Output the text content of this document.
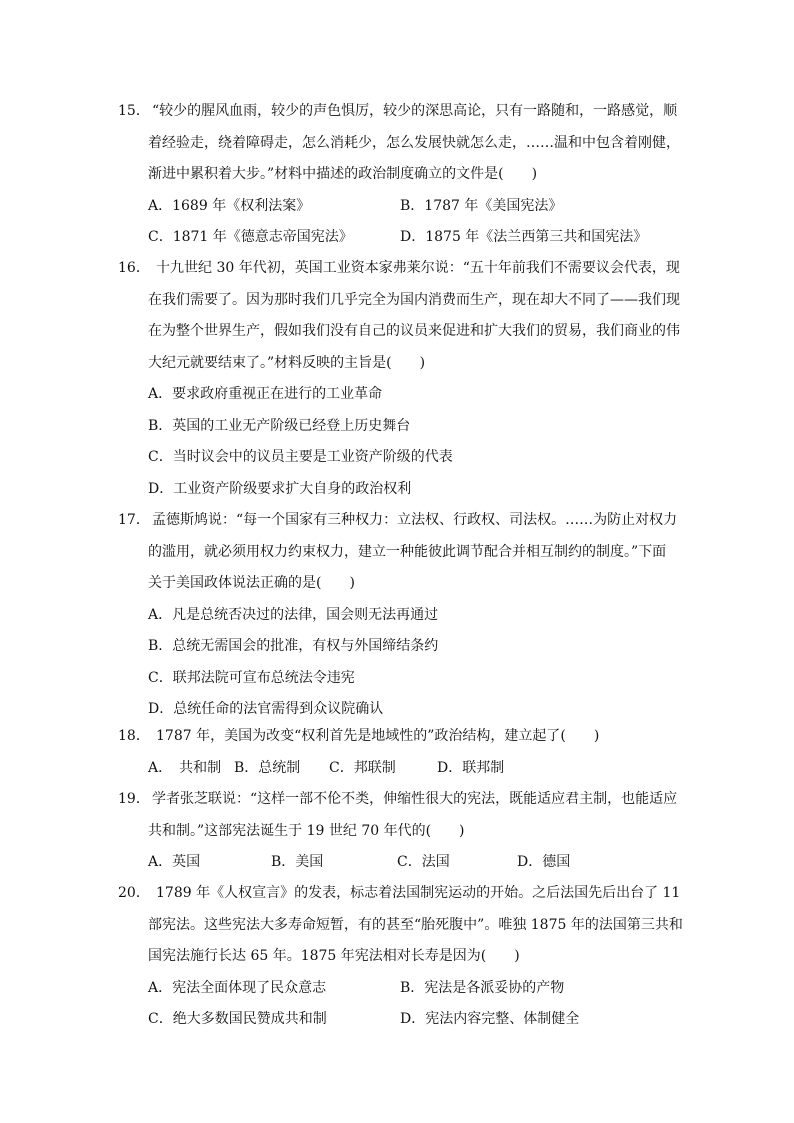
15． “较少的腥风血雨，较少的声色惧厉，较少的深思高论，只有一路随和，一路感觉，顺
着经验走，绕着障碍走，怎么消耗少，怎么发展快就怎么走，……温和中包含着刚健，
渐进中累积着大步。”材料中描述的政治制度确立的文件是(　　)
A．1689 年《权利法案》	B．1787 年《美国宪法》
C．1871 年《德意志帝国宪法》	D．1875 年《法兰西第三共和国宪法》
16． 十九世纪 30 年代初，英国工业资本家弗莱尔说：“五十年前我们不需要议会代表，现
在我们需要了。因为那时我们几乎完全为国内消费而生产，现在却大不同了——我们现
在为整个世界生产，假如我们没有自己的议员来促进和扩大我们的贸易，我们商业的伟
大纪元就要结束了。”材料反映的主旨是(　　)
A．要求政府重视正在进行的工业革命
B．英国的工业无产阶级已经登上历史舞台
C．当时议会中的议员主要是工业资产阶级的代表
D．工业资产阶级要求扩大自身的政治权利
17． 孟德斯鸠说：“每一个国家有三种权力：立法权、行政权、司法权。……为防止对权力
的滥用，就必须用权力约束权力，建立一种能彼此调节配合并相互制约的制度。”下面
关于美国政体说法正确的是(　　)
A．凡是总统否决过的法律，国会则无法再通过
B．总统无需国会的批准，有权与外国缔结条约
C．联邦法院可宣布总统法令违宪
D．总统任命的法官需得到众议院确认
18． 1787 年，美国为改变“权利首先是地域性的”政治结构，建立起了(　　)
A．　共和制 B．总统制	C．邦联制	D．联邦制
19． 学者张芝联说：“这样一部不伦不类，伸缩性很大的宪法，既能适应君主制，也能适应
共和制。”这部宪法诞生于 19 世纪 70 年代的(　　)
A．英国	B．美国	C．法国	D．德国
20． 1789 年《人权宣言》的发表，标志着法国制宪运动的开始。之后法国先后出台了 11
部宪法。这些宪法大多寿命短暂，有的甚至“胎死腹中”。唯独 1875 年的法国第三共和
国宪法施行长达 65 年。1875 年宪法相对长寿是因为(　　)
A．宪法全面体现了民众意志	B．宪法是各派妥协的产物
C．绝大多数国民赞成共和制	D．宪法内容完整、体制健全
